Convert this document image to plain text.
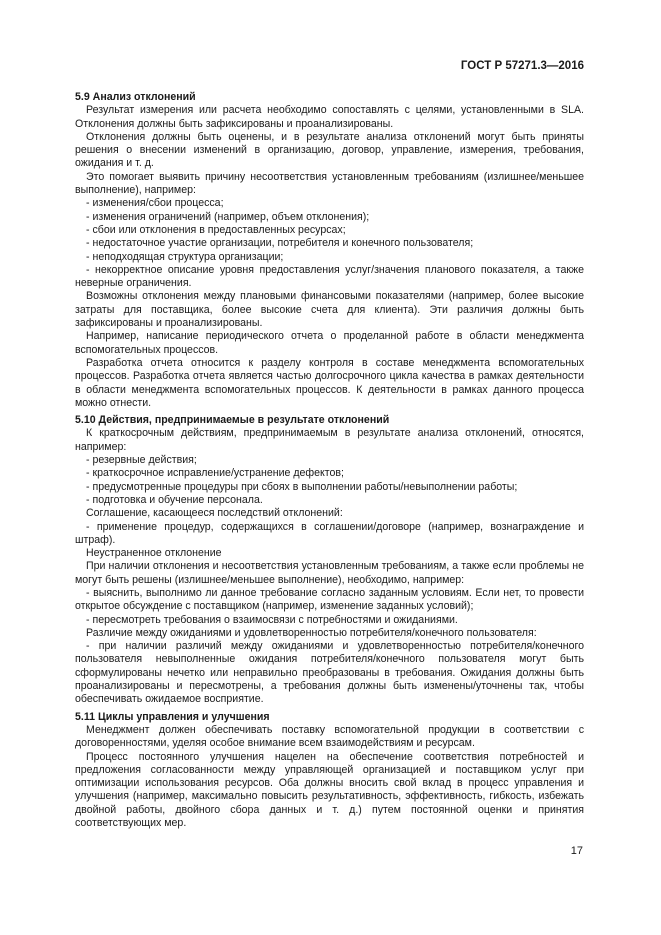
ГОСТ Р 57271.3—2016

5.9 Анализ отклонений

Результат измерения или расчета необходимо сопоставлять с целями, установленными в SLA. Отклонения должны быть зафиксированы и проанализированы.

Отклонения должны быть оценены, и в результате анализа отклонений могут быть приняты решения о внесении изменений в организацию, договор, управление, измерения, требования, ожидания и т. д.

Это помогает выявить причину несоответствия установленным требованиям (излишнее/меньшее выполнение), например:

- изменения/сбои процесса;

- изменения ограничений (например, объем отклонения);

- сбои или отклонения в предоставленных ресурсах;

- недостаточное участие организации, потребителя и конечного пользователя;

- неподходящая структура организации;

- некорректное описание уровня предоставления услуг/значения планового показателя, а также неверные ограничения.

Возможны отклонения между плановыми финансовыми показателями (например, более высокие затраты для поставщика, более высокие счета для клиента). Эти различия должны быть зафиксированы и проанализированы.

Например, написание периодического отчета о проделанной работе в области менеджмента вспомогательных процессов.

Разработка отчета относится к разделу контроля в составе менеджмента вспомогательных процессов. Разработка отчета является частью долгосрочного цикла качества в рамках деятельности в области менеджмента вспомогательных процессов. К деятельности в рамках данного процесса можно отнести.

5.10 Действия, предпринимаемые в результате отклонений

К краткосрочным действиям, предпринимаемым в результате анализа отклонений, относятся, например:

- резервные действия;

- краткосрочное исправление/устранение дефектов;

- предусмотренные процедуры при сбоях в выполнении работы/невыполнении работы;

- подготовка и обучение персонала.

Соглашение, касающееся последствий отклонений:

- применение процедур, содержащихся в соглашении/договоре (например, вознаграждение и штраф).

Неустраненное отклонение

При наличии отклонения и несоответствия установленным требованиям, а также если проблемы не могут быть решены (излишнее/меньшее выполнение), необходимо, например:

- выяснить, выполнимо ли данное требование согласно заданным условиям. Если нет, то провести открытое обсуждение с поставщиком (например, изменение заданных условий);

- пересмотреть требования о взаимосвязи с потребностями и ожиданиями.

Различие между ожиданиями и удовлетворенностью потребителя/конечного пользователя:

- при наличии различий между ожиданиями и удовлетворенностью потребителя/конечного пользователя невыполненные ожидания потребителя/конечного пользователя могут быть сформулированы нечетко или неправильно преобразованы в требования. Ожидания должны быть проанализированы и пересмотрены, а требования должны быть изменены/уточнены так, чтобы обеспечивать ожидаемое восприятие.

5.11 Циклы управления и улучшения

Менеджмент должен обеспечивать поставку вспомогательной продукции в соответствии с договоренностями, уделяя особое внимание всем взаимодействиям и ресурсам.

Процесс постоянного улучшения нацелен на обеспечение соответствия потребностей и предложения согласованности между управляющей организацией и поставщиком услуг при оптимизации использования ресурсов. Оба должны вносить свой вклад в процесс управления и улучшения (например, максимально повысить результативность, эффективность, гибкость, избежать двойной работы, двойного сбора данных и т. д.) путем постоянной оценки и принятия соответствующих мер.

17
